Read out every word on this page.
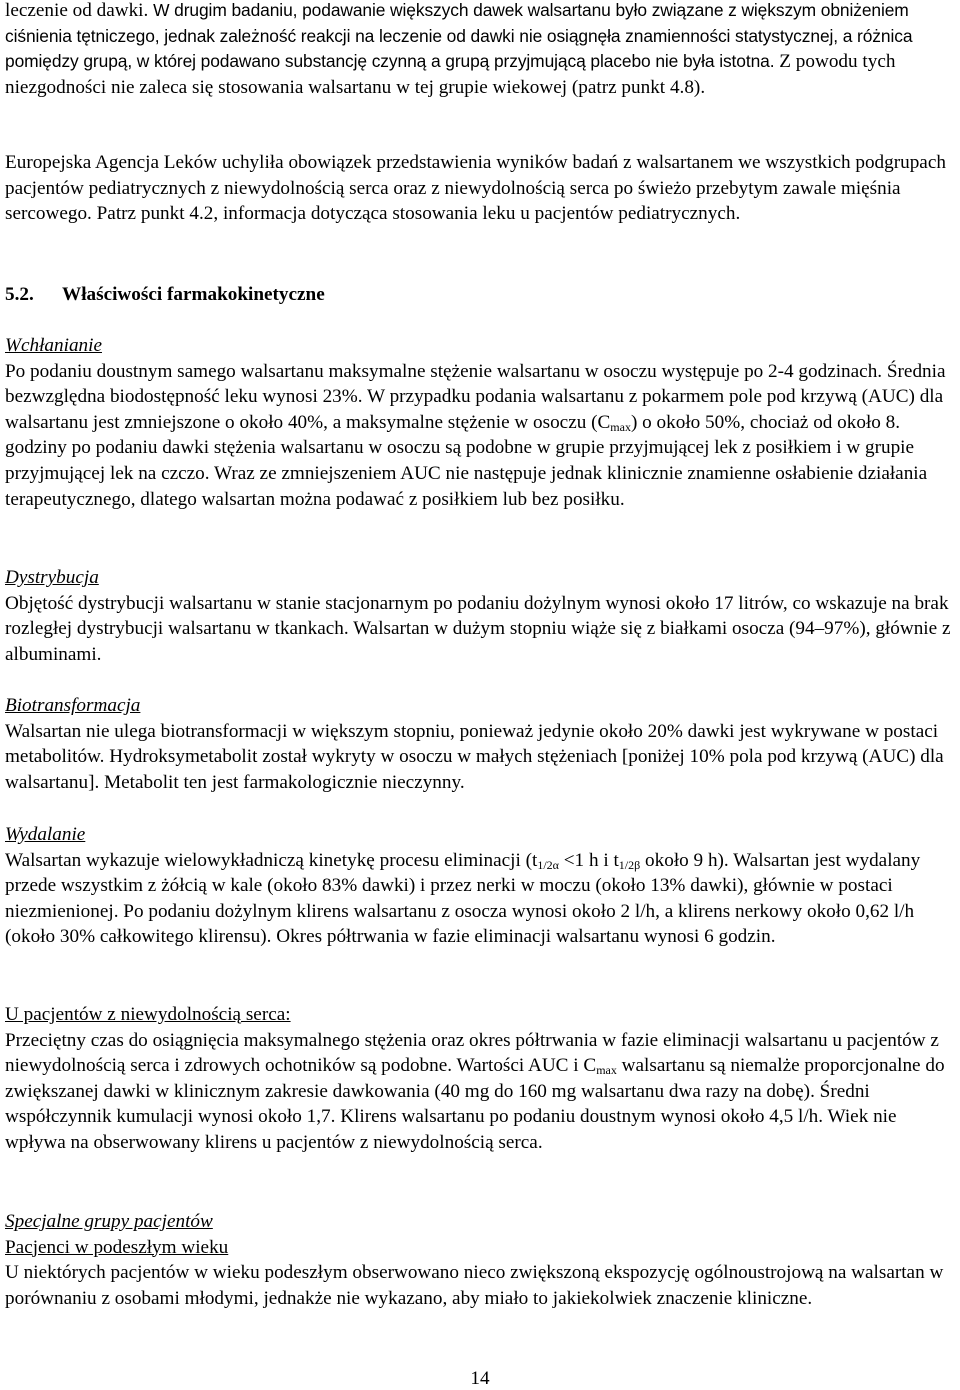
leczenie od dawki. W drugim badaniu, podawanie większych dawek walsartanu było związane z większym obniżeniem ciśnienia tętniczego, jednak zależność reakcji na leczenie od dawki nie osiągnęła znamienności statystycznej, a różnica pomiędzy grupą, w której podawano substancję czynną a grupą przyjmującą placebo nie była istotna. Z powodu tych niezgodności nie zaleca się stosowania walsartanu w tej grupie wiekowej (patrz punkt 4.8).

Europejska Agencja Leków uchyliła obowiązek przedstawienia wyników badań z walsartanem we wszystkich podgrupach pacjentów pediatrycznych z niewydolnością serca oraz z niewydolnością serca po świeżo przebytym zawale mięśnia sercowego. Patrz punkt 4.2, informacja dotycząca stosowania leku u pacjentów pediatrycznych.

5.2. Właściwości farmakokinetyczne

Wchłanianie
Po podaniu doustnym samego walsartanu maksymalne stężenie walsartanu w osoczu występuje po 2-4 godzinach. Średnia bezwzględna biodostępność leku wynosi 23%. W przypadku podania walsartanu z pokarmem pole pod krzywą (AUC) dla walsartanu jest zmniejszone o około 40%, a maksymalne stężenie w osoczu $(C_{max})$ o około 50%, chociaż od około 8. godziny po podaniu dawki stężenia walsartanu w osoczu są podobne w grupie przyjmującej lek z posiłkiem i w grupie przyjmującej lek na czczo. Wraz ze zmniejszeniem AUC nie następuje jednak klinicznie znamienne osłabienie działania terapeutycznego, dlatego walsartan można podawać z posiłkiem lub bez posiłku.

Dystrybucja
Objętość dystrybucji walsartanu w stanie stacjonarnym po podaniu dożylnym wynosi około 17 litrów, co wskazuje na brak rozległej dystrybucji walsartanu w tkankach. Walsartan w dużym stopniu wiąże się z białkami osocza (94–97%), głównie z albuminami.

Biotransformacja
Walsartan nie ulega biotransformacji w większym stopniu, ponieważ jedynie około 20% dawki jest wykrywane w postaci metabolitów. Hydroksymetabolit został wykryty w osoczu w małych stężeniach [poniżej 10% pola pod krzywą (AUC) dla walsartanu]. Metabolit ten jest farmakologicznie nieczynny.

Wydalanie
Walsartan wykazuje wielowykładniczą kinetykę procesu eliminacji ($t_{1/2\alpha} <1$ h i $t_{1/2\beta}$ około 9 h). Walsartan jest wydalany przede wszystkim z żółcią w kale (około 83% dawki) i przez nerki w moczu (około 13% dawki), głównie w postaci niezmienionej. Po podaniu dożylnym klirens walsartanu z osocza wynosi około 2 l/h, a klirens nerkowy około 0,62 l/h (około 30% całkowitego klirensu). Okres półtrwania w fazie eliminacji walsartanu wynosi 6 godzin.

U pacjentów z niewydolnością serca:
Przeciętny czas do osiągnięcia maksymalnego stężenia oraz okres półtrwania w fazie eliminacji walsartanu u pacjentów z niewydolnością serca i zdrowych ochotników są podobne. Wartości AUC i $C_{max}$ walsartanu są niemalże proporcjonalne do zwiększanej dawki w klinicznym zakresie dawkowania (40 mg do 160 mg walsartanu dwa razy na dobę). Średni współczynnik kumulacji wynosi około 1,7. Klirens walsartanu po podaniu doustnym wynosi około 4,5 l/h. Wiek nie wpływa na obserwowany klirens u pacjentów z niewydolnością serca.

Specjalne grupy pacjentów
Pacjenci w podeszłym wieku
U niektórych pacjentów w wieku podeszłym obserwowano nieco zwiększoną ekspozycję ogólnoustrojową na walsartan w porównaniu z osobami młodymi, jednakże nie wykazano, aby miało to jakiekolwiek znaczenie kliniczne.

14
